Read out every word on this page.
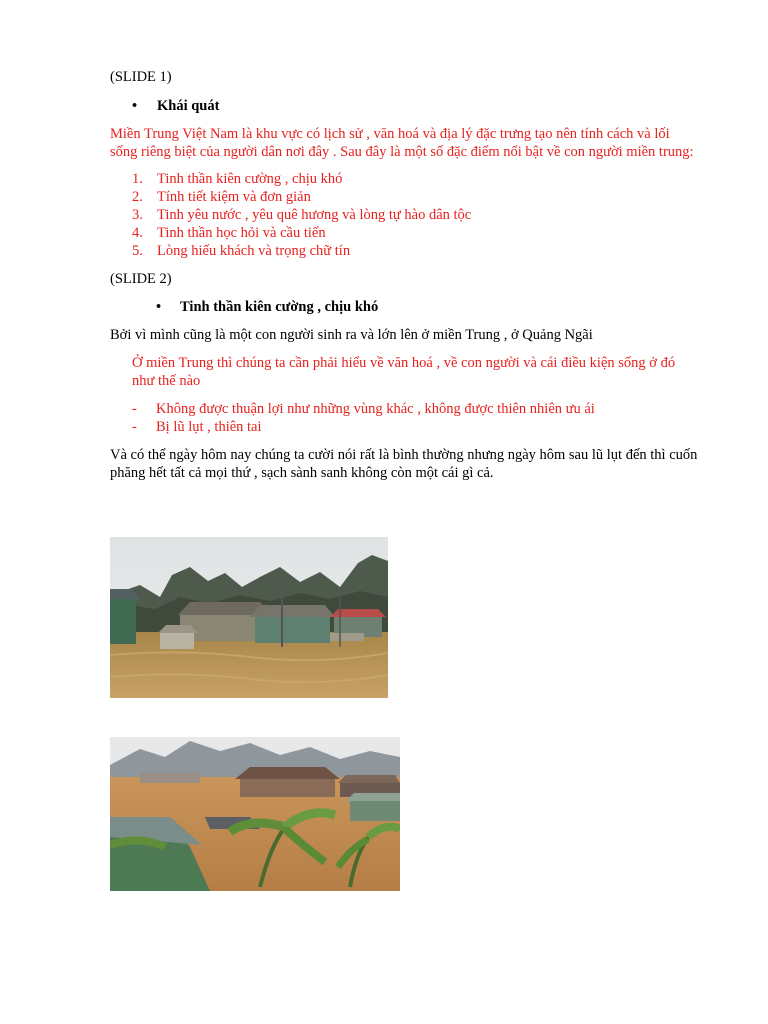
(SLIDE 1)

• Khái quát

Miền Trung Việt Nam là khu vực có lịch sử , văn hoá và địa lý đặc trưng tạo nên tính cách và lối sống riêng biệt của người dân nơi đây . Sau đây là một số đặc điểm nổi bật về con người miền trung:

1. Tinh thần kiên cường , chịu khó
2. Tính tiết kiệm và đơn giản
3. Tinh yêu nước , yêu quê hương và lòng tự hào dân tộc
4. Tinh thần học hỏi và cầu tiến
5. Lòng hiếu khách và trọng chữ tín

(SLIDE 2)

• Tinh thần kiên cường , chịu khó

Bởi vì mình cũng là một con người sinh ra và lớn lên ở miền Trung , ở Quảng Ngãi

Ở miền Trung thì chúng ta cần phải hiểu về văn hoá , về con người và cái điều kiện sống ở đó như thế nào

- Không được thuận lợi như những vùng khác , không được thiên nhiên ưu ái
- Bị lũ lụt , thiên tai

Và có thể ngày hôm nay chúng ta cười nói rất là bình thường nhưng ngày hôm sau lũ lụt đến thì cuốn phăng hết tất cả mọi thứ , sạch sành sanh không còn một cái gì cả.
